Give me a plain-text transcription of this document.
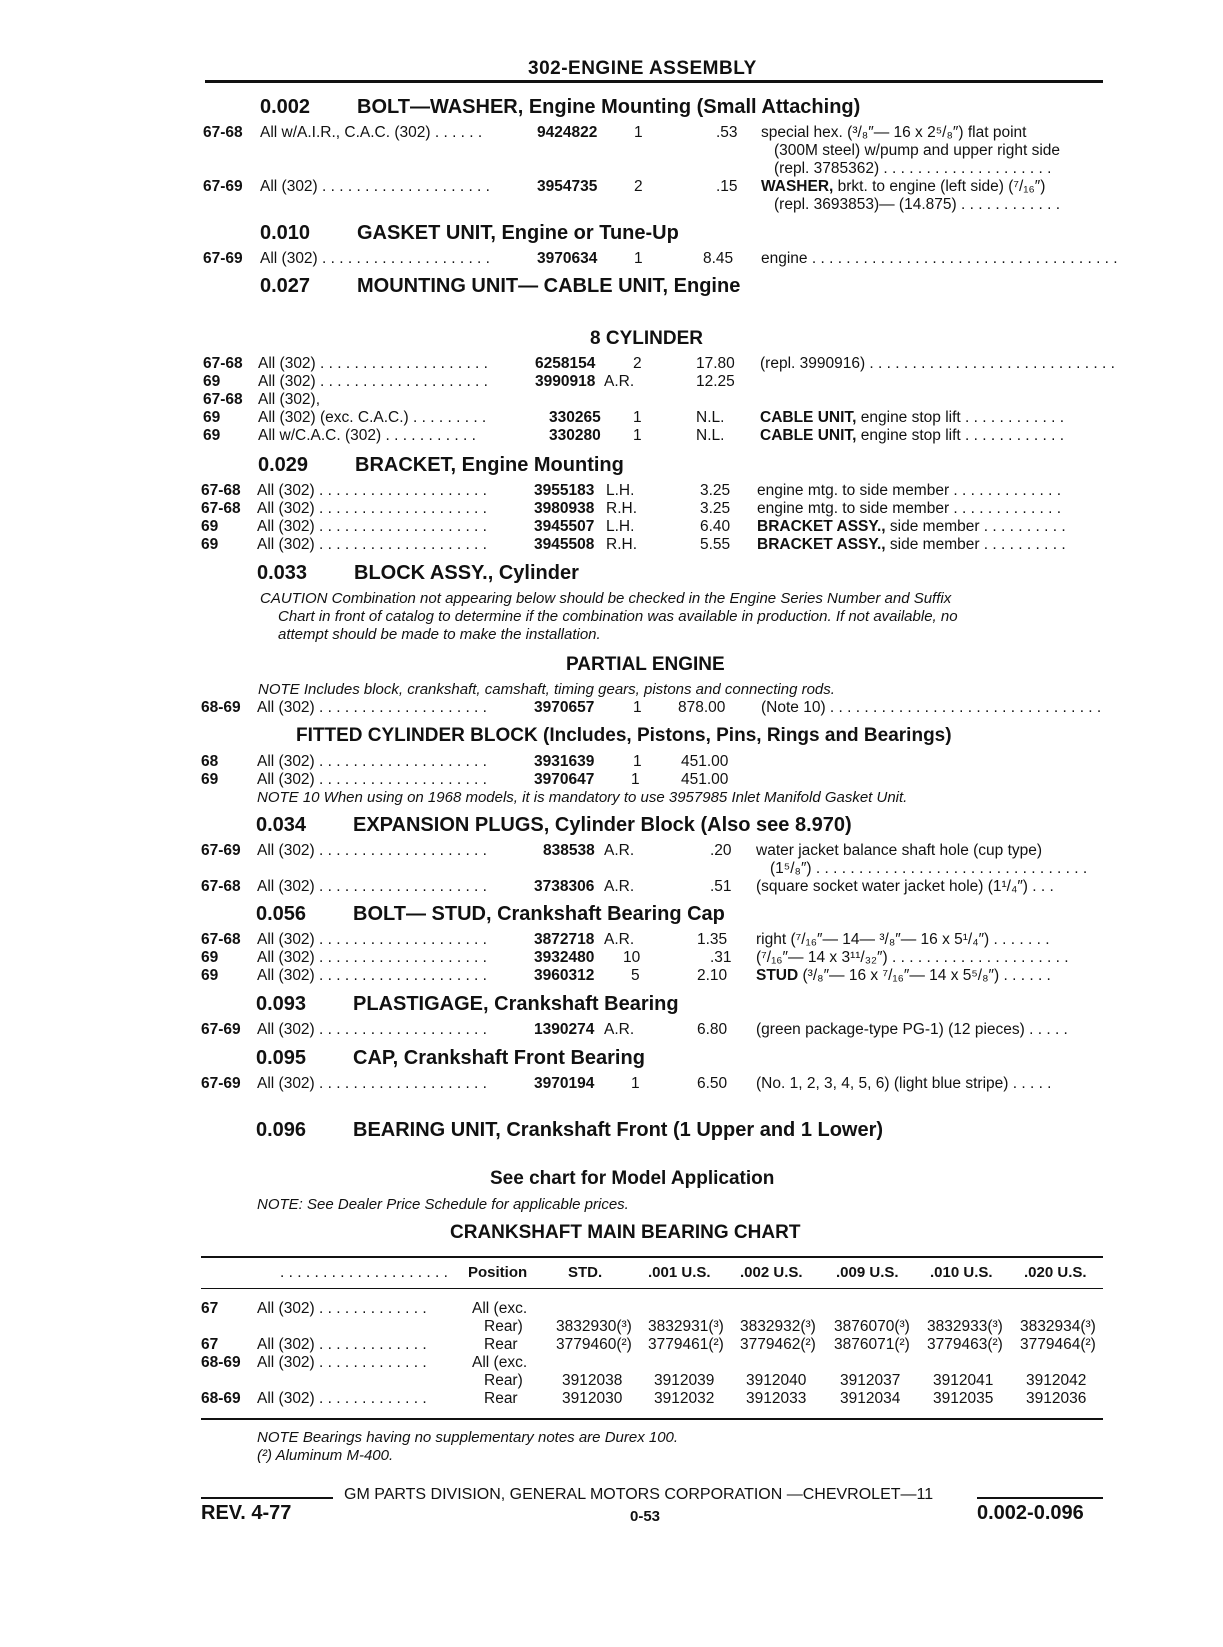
302-ENGINE ASSEMBLY
0.002 BOLT—WASHER, Engine Mounting (Small Attaching)
67-68 All w/A.I.R., C.A.C. (302) . . . . . .	9424822 1	.53 special hex. (³/₈″— 16 x 2⁵/₈″) flat point
(300M steel) w/pump and upper right side
(repl. 3785362) . . . . . . . . . . . . . . . . . . . .
67-69 All (302) . . . . . . . . . . . . . . . . . . . .	3954735 2	.15 WASHER, brkt. to engine (left side) (⁷/₁₆″)
(repl. 3693853)— (14.875) . . . . . . . . . . . .
0.010 GASKET UNIT, Engine or Tune-Up
67-69 All (302) . . . . . . . . . . . . . . . . . . . .	3970634 1	8.45 engine . . . . . . . . . . . . . . . . . . . . . . . . . . . . . . . . . . . .
0.027 MOUNTING UNIT— CABLE UNIT, Engine
8 CYLINDER
67-68 All (302) . . . . . . . . . . . . . . . . . . . .	6258154 2	17.80 (repl. 3990916) . . . . . . . . . . . . . . . . . . . . . . . . . . . . .
69 All (302) . . . . . . . . . . . . . . . . . . . .	3990918 A.R.	12.25
67-68 All (302),
69 All (302) (exc. C.A.C.) . . . . . . . . .	330265 1	N.L. CABLE UNIT, engine stop lift . . . . . . . . . . . .
69 All w/C.A.C. (302) . . . . . . . . . . .	330280 1	N.L. CABLE UNIT, engine stop lift . . . . . . . . . . . .
0.029 BRACKET, Engine Mounting
67-68 All (302) . . . . . . . . . . . . . . . . . . . .	3955183 L.H.	3.25 engine mtg. to side member . . . . . . . . . . . . .
67-68 All (302) . . . . . . . . . . . . . . . . . . . .	3980938 R.H.	3.25 engine mtg. to side member . . . . . . . . . . . . .
69	All (302) . . . . . . . . . . . . . . . . . . . .	3945507 L.H.	6.40 BRACKET ASSY., side member . . . . . . . . . .
69	All (302) . . . . . . . . . . . . . . . . . . . .	3945508 R.H.	5.55 BRACKET ASSY., side member . . . . . . . . . .
0.033 BLOCK ASSY., Cylinder
CAUTION Combination not appearing below should be checked in the Engine Series Number and Suffix
Chart in front of catalog to determine if the combination was available in production. If not available, no
attempt should be made to make the installation.
PARTIAL ENGINE
NOTE Includes block, crankshaft, camshaft, timing gears, pistons and connecting rods.
68-69 All (302) . . . . . . . . . . . . . . . . . . . .	3970657 1 878.00 (Note 10) . . . . . . . . . . . . . . . . . . . . . . . . . . . . . . . .
FITTED CYLINDER BLOCK (Includes, Pistons, Pins, Rings and Bearings)
68	All (302) . . . . . . . . . . . . . . . . . . . .	3931639 1	451.00
69	All (302) . . . . . . . . . . . . . . . . . . . .	3970647 1	451.00
NOTE 10 When using on 1968 models, it is mandatory to use 3957985 Inlet Manifold Gasket Unit.
0.034 EXPANSION PLUGS, Cylinder Block (Also see 8.970)
67-69 All (302) . . . . . . . . . . . . . . . . . . . .	838538 A.R.	.20 water jacket balance shaft hole (cup type)
(1⁵/₈″) . . . . . . . . . . . . . . . . . . . . . . . . . . . . . . . .
67-68 All (302) . . . . . . . . . . . . . . . . . . . .	3738306 A.R.	.51 (square socket water jacket hole) (1¹/₄″) . . .
0.056 BOLT— STUD, Crankshaft Bearing Cap
67-68 All (302) . . . . . . . . . . . . . . . . . . . .	3872718 A.R.	1.35 right (⁷/₁₆″— 14— ³/₈″— 16 x 5¹/₄″) . . . . . . .
69	All (302) . . . . . . . . . . . . . . . . . . . .	3932480 10	.31 (⁷/₁₆″— 14 x 3¹¹/₃₂″) . . . . . . . . . . . . . . . . . . . . .
69	All (302) . . . . . . . . . . . . . . . . . . . .	3960312 5	2.10 STUD (³/₈″— 16 x ⁷/₁₆″— 14 x 5⁵/₈″) . . . . . .
0.093 PLASTIGAGE, Crankshaft Bearing
67-69 All (302) . . . . . . . . . . . . . . . . . . . .	1390274 A.R.	6.80 (green package-type PG-1) (12 pieces) . . . . .
0.095 CAP, Crankshaft Front Bearing
67-69 All (302) . . . . . . . . . . . . . . . . . . . .	3970194 1	6.50 (No. 1, 2, 3, 4, 5, 6) (light blue stripe) . . . . .
0.096 BEARING UNIT, Crankshaft Front (1 Upper and 1 Lower)
See chart for Model Application
NOTE: See Dealer Price Schedule for applicable prices.
CRANKSHAFT MAIN BEARING CHART
. . . . . . . . . . . . . . . . . . . . Position	STD.	.001 U.S. .002 U.S. .009 U.S. .010 U.S. .020 U.S.
67	All (302) . . . . . . . . . . . . .	All (exc.
Rear) 3832930(³) 3832931(³) 3832932(³) 3876070(³) 3832933(³) 3832934(³)
67	All (302) . . . . . . . . . . . . .	Rear 3779460(²) 3779461(²) 3779462(²) 3876071(²) 3779463(²) 3779464(²)
68-69 All (302) . . . . . . . . . . . . .	All (exc.
Rear)	3912038 3912039 3912040 3912037 3912041 3912042
68-69 All (302) . . . . . . . . . . . . .	Rear	3912030 3912032 3912033 3912034 3912035 3912036
NOTE Bearings having no supplementary notes are Durex 100.
(²) Aluminum M-400.
GM PARTS DIVISION, GENERAL MOTORS CORPORATION —CHEVROLET—11
REV. 4-77	0-53	0.002-0.096
